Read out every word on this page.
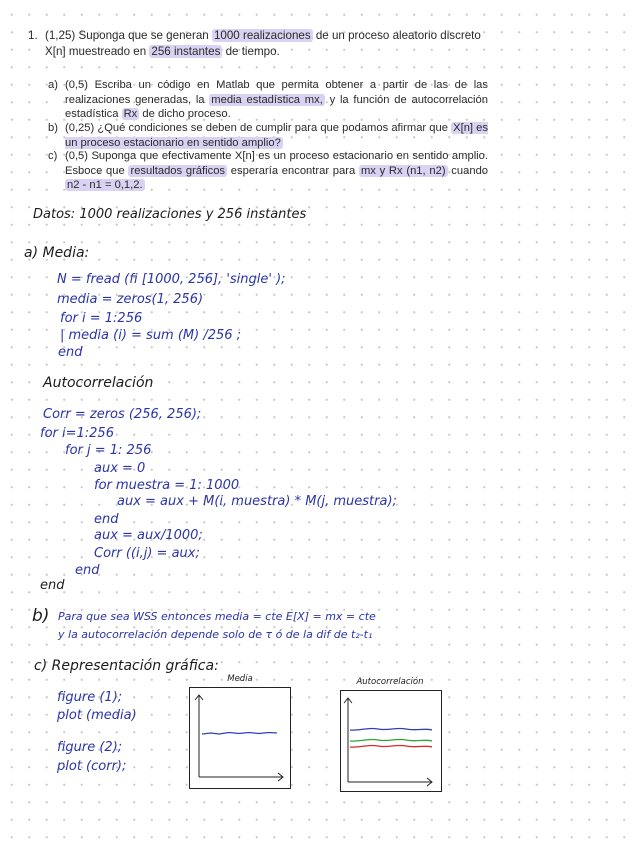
1. (1,25) Suponga que se generan 1000 realizaciones de un proceso aleatorio discreto X[n] muestreado en 256 instantes de tiempo.
a) (0,5) Escriba un código en Matlab que permita obtener a partir de las de las realizaciones generadas, la media estadística mx, y la función de autocorrelación estadística Rx de dicho proceso.
b) (0,25) ¿Qué condiciones se deben de cumplir para que podamos afirmar que X[n] es un proceso estacionario en sentido amplio?
c) (0,5) Suponga que efectivamente X[n] es un proceso estacionario en sentido amplio. Esboce que resultados gráficos esperaría encontrar para mx y Rx (n1, n2) cuando n2 - n1 = 0,1,2.
Datos: 1000 realizaciones y 256 instantes
a) Media:
N = fread (fi [1000, 256], 'single' );
media = zeros(1, 256)
for i = 1:256
| media (i) = sum (M) /256 ;
end
Autocorrelación
Corr = zeros (256, 256);
for i=1:256
for j = 1: 256
aux = 0
for muestra = 1: 1000
aux = aux + M(i, muestra) * M(j, muestra);
end
aux = aux/1000;
Corr ((i,j) = aux;
end
end
b) Para que sea WSS entonces media = cte E[X] = mx = cte
y la autocorrelación depende solo de τ ó de la dif de t₂-t₁
c) Representación gráfica:
figure (1);
plot (media)
figure (2);
plot (corr);
Media	Autocorrelación
